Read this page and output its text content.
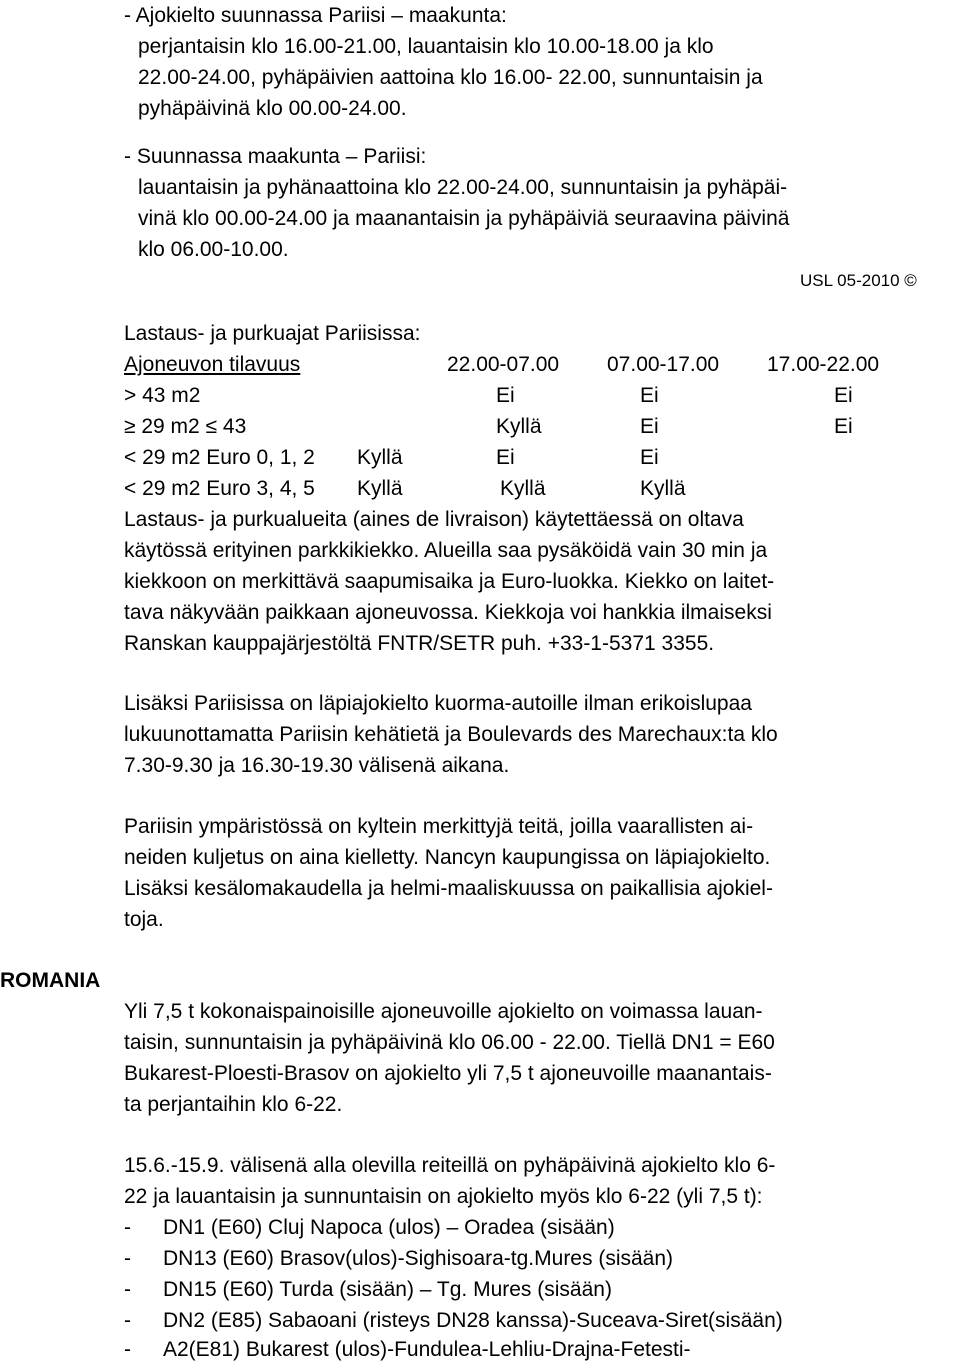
- Ajokielto suunnassa Pariisi – maakunta:
perjantaisin klo 16.00-21.00, lauantaisin klo 10.00-18.00 ja klo
22.00-24.00, pyhäpäivien aattoina klo 16.00- 22.00, sunnuntaisin ja
pyhäpäivinä klo 00.00-24.00.
- Suunnassa maakunta – Pariisi:
lauantaisin ja pyhänaattoina klo 22.00-24.00, sunnuntaisin ja pyhäpäi-
vinä klo 00.00-24.00 ja maanantaisin ja pyhäpäiviä seuraavina päivinä
klo 06.00-10.00.
USL 05-2010 ©
Lastaus- ja purkuajat Pariisissa:
Ajoneuvon tilavuus	22.00-07.00 07.00-17.00 17.00-22.00
> 43 m2	Ei	Ei	Ei
≥ 29 m2 ≤ 43	Kyllä	Ei	Ei
< 29 m2 Euro 0, 1, 2 Kyllä	Ei	Ei
< 29 m2 Euro 3, 4, 5 Kyllä	Kyllä	Kyllä
Lastaus- ja purkualueita (aines de livraison) käytettäessä on oltava
käytössä erityinen parkkikiekko. Alueilla saa pysäköidä vain 30 min ja
kiekkoon on merkittävä saapumisaika ja Euro-luokka. Kiekko on laitet-
tava näkyvään paikkaan ajoneuvossa. Kiekkoja voi hankkia ilmaiseksi
Ranskan kauppajärjestöltä FNTR/SETR puh. +33-1-5371 3355.
Lisäksi Pariisissa on läpiajokielto kuorma-autoille ilman erikoislupaa
lukuunottamatta Pariisin kehätietä ja Boulevards des Marechaux:ta klo
7.30-9.30 ja 16.30-19.30 välisenä aikana.
Pariisin ympäristössä on kyltein merkittyjä teitä, joilla vaarallisten ai-
neiden kuljetus on aina kielletty. Nancyn kaupungissa on läpiajokielto.
Lisäksi kesälomakaudella ja helmi-maaliskuussa on paikallisia ajokiel-
toja.
ROMANIA
Yli 7,5 t kokonaispainoisille ajoneuvoille ajokielto on voimassa lauan-
taisin, sunnuntaisin ja pyhäpäivinä klo 06.00 - 22.00. Tiellä DN1 = E60
Bukarest-Ploesti-Brasov on ajokielto yli 7,5 t ajoneuvoille maanantais-
ta perjantaihin klo 6-22.
15.6.-15.9. välisenä alla olevilla reiteillä on pyhäpäivinä ajokielto klo 6-
22 ja lauantaisin ja sunnuntaisin on ajokielto myös klo 6-22 (yli 7,5 t):
- DN1 (E60) Cluj Napoca (ulos) – Oradea (sisään)
- DN13 (E60) Brasov(ulos)-Sighisoara-tg.Mures (sisään)
- DN15 (E60) Turda (sisään) – Tg. Mures (sisään)
- DN2 (E85) Sabaoani (risteys DN28 kanssa)-Suceava-Siret(sisään)
- A2(E81) Bukarest (ulos)-Fundulea-Lehliu-Drajna-Fetesti-
